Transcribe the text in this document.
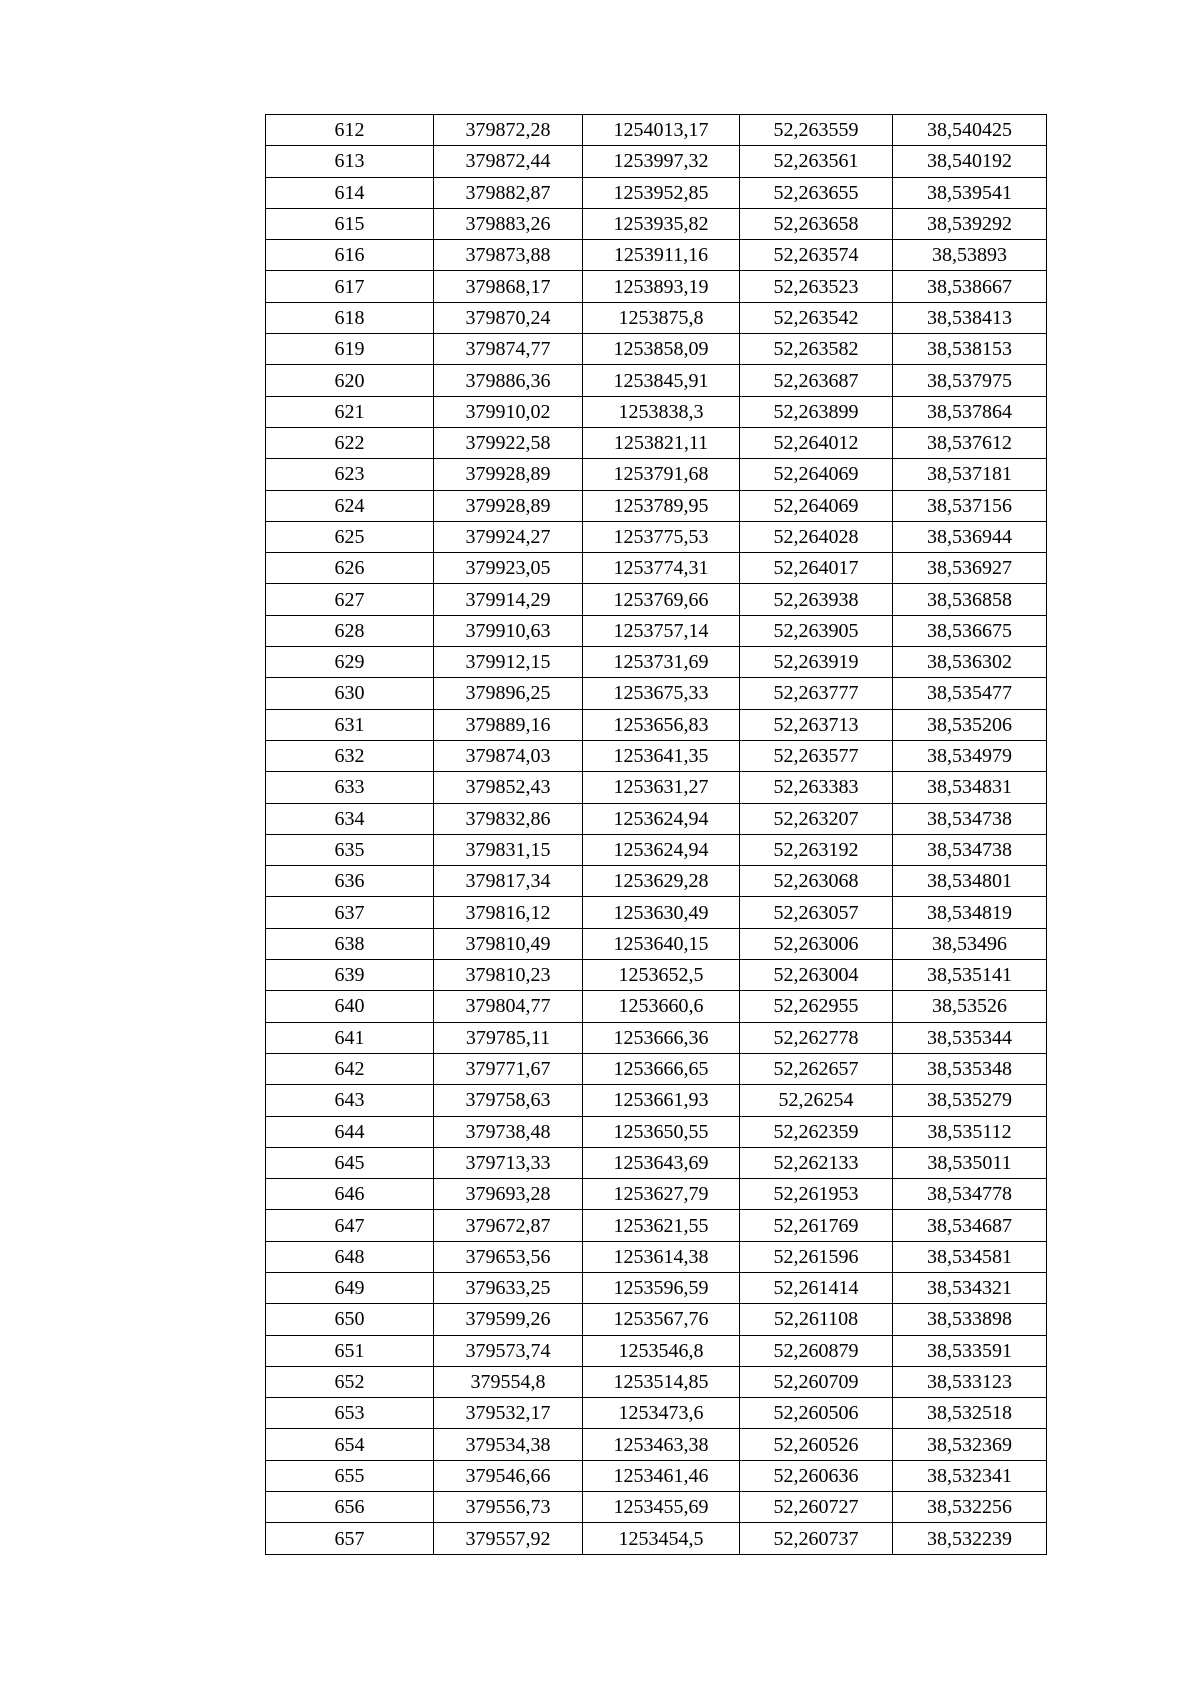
612	379872,28	1254013,17	52,263559	38,540425
613	379872,44	1253997,32	52,263561	38,540192
614	379882,87	1253952,85	52,263655	38,539541
615	379883,26	1253935,82	52,263658	38,539292
616	379873,88	1253911,16	52,263574	38,53893
617	379868,17	1253893,19	52,263523	38,538667
618	379870,24	1253875,8	52,263542	38,538413
619	379874,77	1253858,09	52,263582	38,538153
620	379886,36	1253845,91	52,263687	38,537975
621	379910,02	1253838,3	52,263899	38,537864
622	379922,58	1253821,11	52,264012	38,537612
623	379928,89	1253791,68	52,264069	38,537181
624	379928,89	1253789,95	52,264069	38,537156
625	379924,27	1253775,53	52,264028	38,536944
626	379923,05	1253774,31	52,264017	38,536927
627	379914,29	1253769,66	52,263938	38,536858
628	379910,63	1253757,14	52,263905	38,536675
629	379912,15	1253731,69	52,263919	38,536302
630	379896,25	1253675,33	52,263777	38,535477
631	379889,16	1253656,83	52,263713	38,535206
632	379874,03	1253641,35	52,263577	38,534979
633	379852,43	1253631,27	52,263383	38,534831
634	379832,86	1253624,94	52,263207	38,534738
635	379831,15	1253624,94	52,263192	38,534738
636	379817,34	1253629,28	52,263068	38,534801
637	379816,12	1253630,49	52,263057	38,534819
638	379810,49	1253640,15	52,263006	38,53496
639	379810,23	1253652,5	52,263004	38,535141
640	379804,77	1253660,6	52,262955	38,53526
641	379785,11	1253666,36	52,262778	38,535344
642	379771,67	1253666,65	52,262657	38,535348
643	379758,63	1253661,93	52,26254	38,535279
644	379738,48	1253650,55	52,262359	38,535112
645	379713,33	1253643,69	52,262133	38,535011
646	379693,28	1253627,79	52,261953	38,534778
647	379672,87	1253621,55	52,261769	38,534687
648	379653,56	1253614,38	52,261596	38,534581
649	379633,25	1253596,59	52,261414	38,534321
650	379599,26	1253567,76	52,261108	38,533898
651	379573,74	1253546,8	52,260879	38,533591
652	379554,8	1253514,85	52,260709	38,533123
653	379532,17	1253473,6	52,260506	38,532518
654	379534,38	1253463,38	52,260526	38,532369
655	379546,66	1253461,46	52,260636	38,532341
656	379556,73	1253455,69	52,260727	38,532256
657	379557,92	1253454,5	52,260737	38,532239
